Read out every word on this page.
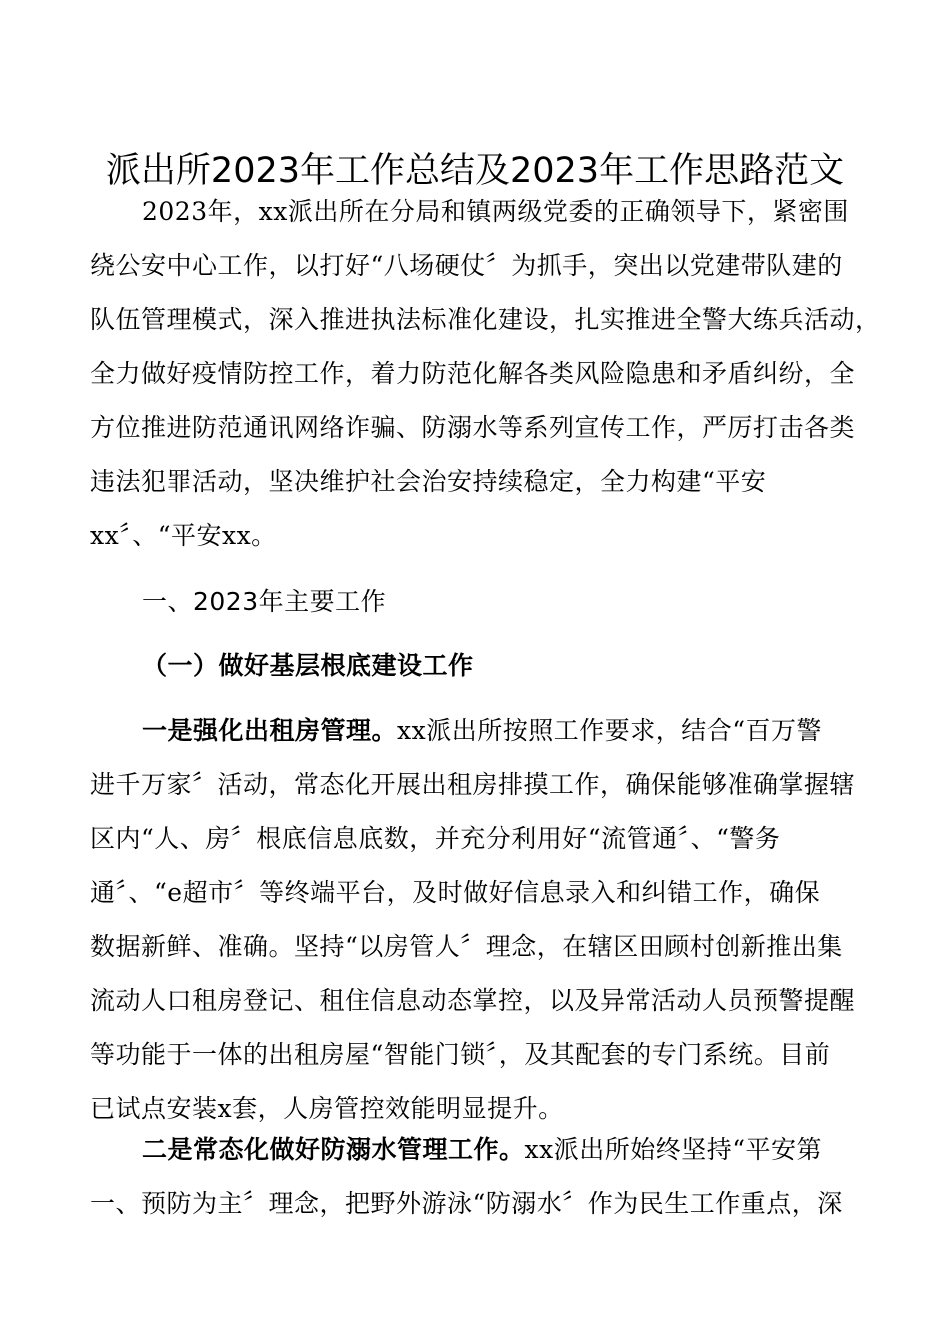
派出所2023年工作总结及2023年工作思路范文

2023年，xx派出所在分局和镇两级党委的正确领导下，紧密围
绕公安中心工作，以打好“八场硬仗〞为抓手，突出以党建带队建的
队伍管理模式，深入推进执法标准化建设，扎实推进全警大练兵活动，
全力做好疫情防控工作，着力防范化解各类风险隐患和矛盾纠纷，全
方位推进防范通讯网络诈骗、防溺水等系列宣传工作，严厉打击各类
违法犯罪活动，坚决维护社会治安持续稳定，全力构建“平安
xx〞、“平安xx。

一、2023年主要工作

（一）做好基层根底建设工作

一是强化出租房管理。xx派出所按照工作要求，结合“百万警
进千万家〞活动，常态化开展出租房排摸工作，确保能够准确掌握辖
区内“人、房〞根底信息底数，并充分利用好“流管通〞、“警务
通〞、“e超市〞等终端平台，及时做好信息录入和纠错工作，确保
数据新鲜、准确。坚持“以房管人〞理念，在辖区田顾村创新推出集
流动人口租房登记、租住信息动态掌控，以及异常活动人员预警提醒
等功能于一体的出租房屋“智能门锁〞，及其配套的专门系统。目前
已试点安装x套，人房管控效能明显提升。

二是常态化做好防溺水管理工作。xx派出所始终坚持“平安第
一、预防为主〞理念，把野外游泳“防溺水〞作为民生工作重点，深
